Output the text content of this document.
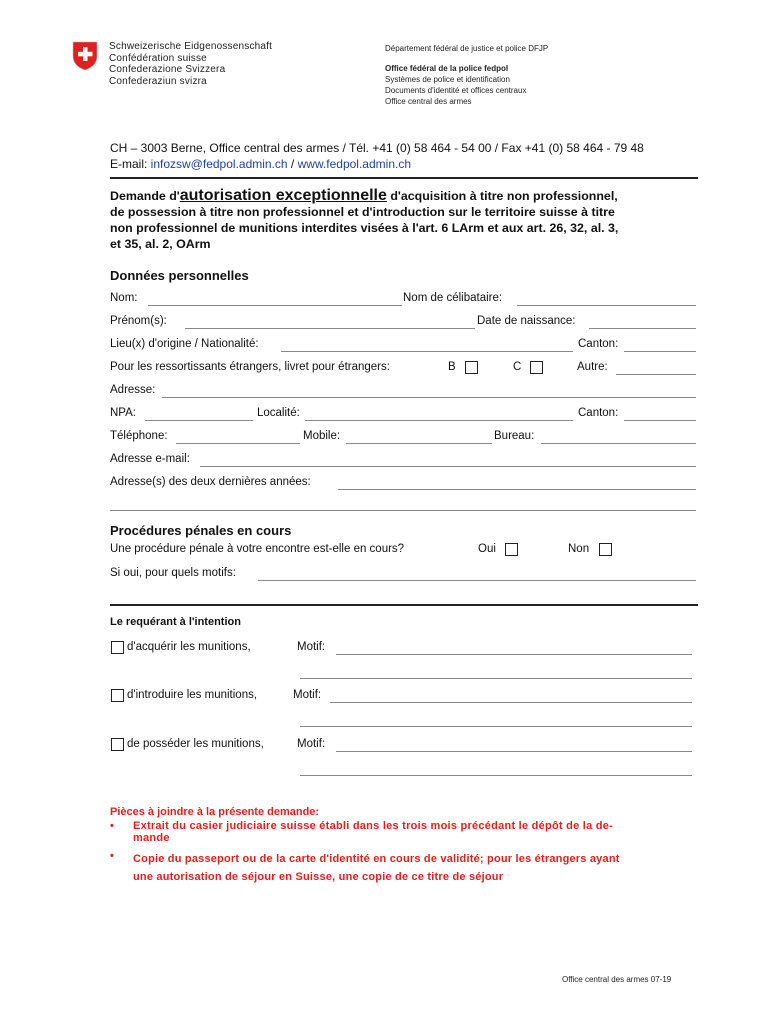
Schweizerische Eidgenossenschaft
Confédération suisse
Confederazione Svizzera
Confederaziun svizra
Département fédéral de justice et police DFJP
Office fédéral de la police fedpol
Systèmes de police et identification
Documents d'identité et offices centraux
Office central des armes
CH – 3003 Berne, Office central des armes / Tél. +41 (0) 58 464 - 54 00 / Fax +41 (0) 58 464 - 79 48
E-mail: infozsw@fedpol.admin.ch / www.fedpol.admin.ch
Demande d'autorisation exceptionnelle d'acquisition à titre non professionnel,
de possession à titre non professionnel et d'introduction sur le territoire suisse à titre
non professionnel de munitions interdites visées à l'art. 6 LArm et aux art. 26, 32, al. 3,
et 35, al. 2, OArm
Données personnelles
Nom:	Nom de célibataire:
Prénom(s):	Date de naissance:
Lieu(x) d'origine / Nationalité:	Canton:
Pour les ressortissants étrangers, livret pour étrangers:	B	C	Autre:
Adresse:
NPA:	Localité:	Canton:
Téléphone:	Mobile:	Bureau:
Adresse e-mail:
Adresse(s) des deux dernières années:
Procédures pénales en cours
Une procédure pénale à votre encontre est-elle en cours?	Oui	Non
Si oui, pour quels motifs:
Le requérant à l'intention
d'acquérir les munitions,	Motif:
d'introduire les munitions,	Motif:
de posséder les munitions,	Motif:
Pièces à joindre à la présente demande:
• Extrait du casier judiciaire suisse établi dans les trois mois précédant le dépôt de la de-
mande
• Copie du passeport ou de la carte d'identité en cours de validité; pour les étrangers ayant
une autorisation de séjour en Suisse, une copie de ce titre de séjour
Office central des armes 07-19
